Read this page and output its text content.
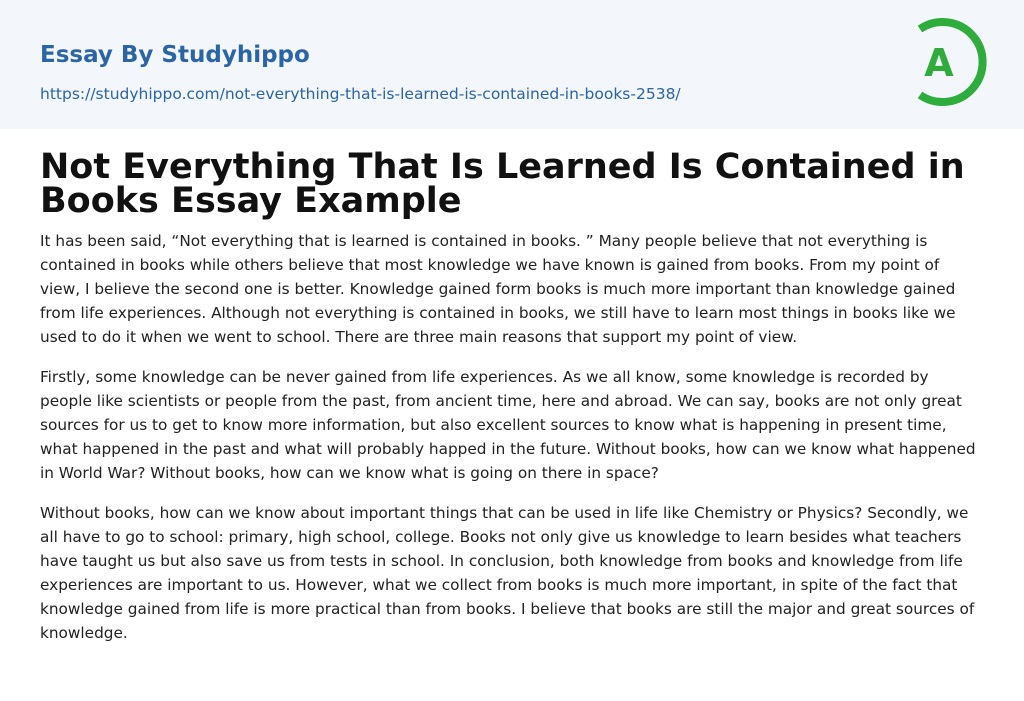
Essay By Studyhippo
https://studyhippo.com/not-everything-that-is-learned-is-contained-in-books-2538/
A
Not Everything That Is Learned Is Contained in Books Essay Example

It has been said, “Not everything that is learned is contained in books. ” Many people believe that not everything is contained in books while others believe that most knowledge we have known is gained from books. From my point of view, I believe the second one is better. Knowledge gained form books is much more important than knowledge gained from life experiences. Although not everything is contained in books, we still have to learn most things in books like we used to do it when we went to school. There are three main reasons that support my point of view.

Firstly, some knowledge can be never gained from life experiences. As we all know, some knowledge is recorded by people like scientists or people from the past, from ancient time, here and abroad. We can say, books are not only great sources for us to get to know more information, but also excellent sources to know what is happening in present time, what happened in the past and what will probably happed in the future. Without books, how can we know what happened in World War? Without books, how can we know what is going on there in space?

Without books, how can we know about important things that can be used in life like Chemistry or Physics? Secondly, we all have to go to school: primary, high school, college. Books not only give us knowledge to learn besides what teachers have taught us but also save us from tests in school. In conclusion, both knowledge from books and knowledge from life experiences are important to us. However, what we collect from books is much more important, in spite of the fact that knowledge gained from life is more practical than from books. I believe that books are still the major and great sources of knowledge.
